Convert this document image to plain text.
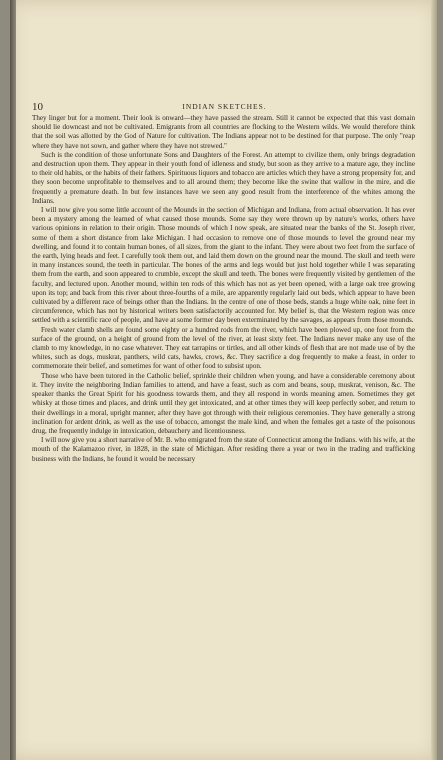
10	INDIAN SKETCHES.

They linger but for a moment. Their look is onward—they have passed the stream. Still it cannot be expected that this vast domain should lie downcast and not be cultivated. Emigrants from all countries are flocking to the Western wilds. We would therefore think that the soil was allotted by the God of Nature for cultivation. The Indians appear not to be destined for that purpose. The only "reap where they have not sown, and gather where they have not strewed."

Such is the condition of those unfortunate Sons and Daughters of the Forest. An attempt to civilize them, only brings degradation and destruction upon them. They appear in their youth fond of idleness and study, but soon as they arrive to a mature age, they incline to their old habits, or the habits of their fathers. Spirituous liquors and tobacco are articles which they have a strong propensity for, and they soon become unprofitable to themselves and to all around them; they become like the swine that wallow in the mire, and die frequently a premature death. In but few instances have we seen any good result from the interference of the whites among the Indians.

I will now give you some little account of the Mounds in the section of Michigan and Indiana, from actual observation. It has ever been a mystery among the learned of what caused those mounds. Some say they were thrown up by nature's works, others have various opinions in relation to their origin. Those mounds of which I now speak, are situated near the banks of the St. Joseph river, some of them a short distance from lake Michigan. I had occasion to remove one of those mounds to level the ground near my dwelling, and found it to contain human bones, of all sizes, from the giant to the infant. They were about two feet from the surface of the earth, lying heads and feet. I carefully took them out, and laid them down on the ground near the mound. The skull and teeth were in many instances sound, the teeth in particular. The bones of the arms and legs would but just hold together while I was separating them from the earth, and soon appeared to crumble, except the skull and teeth. The bones were frequently visited by gentlemen of the faculty, and lectured upon. Another mound, within ten rods of this which has not as yet been opened, with a large oak tree growing upon its top; and back from this river about three-fourths of a mile, are apparently regularly laid out beds, which appear to have been cultivated by a different race of beings other than the Indians. In the centre of one of those beds, stands a huge white oak, nine feet in circumference, which has not by historical writers been satisfactorily accounted for. My belief is, that the Western region was once settled with a scientific race of people, and have at some former day been exterminated by the savages, as appears from those mounds.

Fresh water clamb shells are found some eighty or a hundred rods from the river, which have been plowed up, one foot from the surface of the ground, on a height of ground from the level of the river, at least sixty feet. The Indians never make any use of the clamb to my knowledge, in no case whatever. They eat tarrapins or tirtles, and all other kinds of flesh that are not made use of by the whites, such as dogs, muskrat, panthers, wild cats, hawks, crows, &c. They sacrifice a dog frequently to make a feast, in order to commemorate their belief, and sometimes for want of other food to subsist upon.

Those who have been tutored in the Catholic belief, sprinkle their children when young, and have a considerable ceremony about it. They invite the neighboring Indian families to attend, and have a feast, such as corn and beans, soup, muskrat, venison, &c. The speaker thanks the Great Spirit for his goodness towards them, and they all respond in words meaning amen. Sometimes they get whisky at those times and places, and drink until they get intoxicated, and at other times they will keep perfectly sober, and return to their dwellings in a moral, upright manner, after they have got through with their religious ceremonies. They have generally a strong inclination for ardent drink, as well as the use of tobacco, amongst the male kind, and when the females get a taste of the poisonous drug, the frequently indulge in intoxication, debauchery and licentiousness.

I will now give you a short narrative of Mr. B. who emigrated from the state of Connecticut among the Indians. with his wife, at the mouth of the Kalamazoo river, in 1828, in the state of Michigan. After residing there a year or two in the trading and trafficking business with the Indians, he found it would be necessary
